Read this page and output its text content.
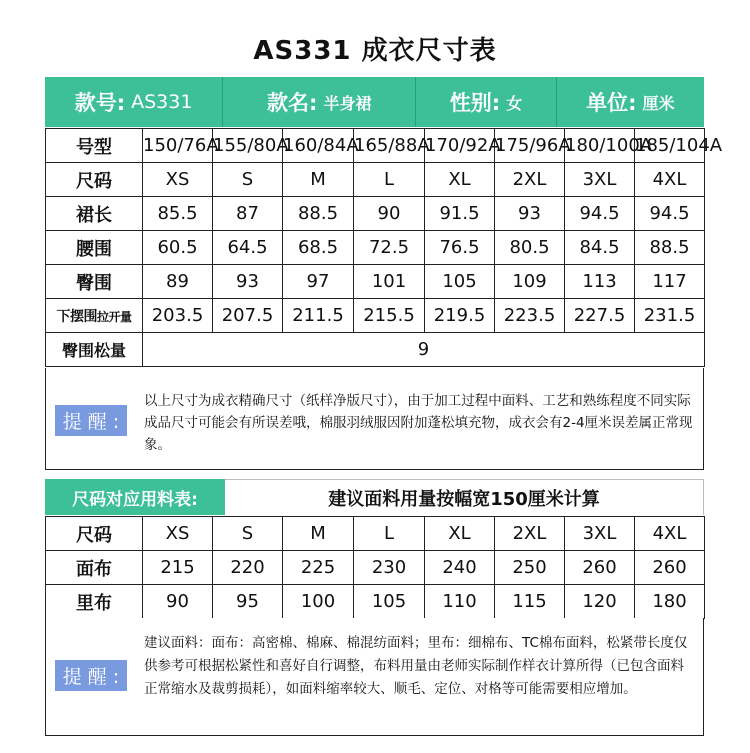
AS331 成衣尺寸表
款号: AS331	款名: 半身裙	性别: 女	单位: 厘米
号型	150/76A	155/80A	160/84A	165/88A	170/92A	175/96A	180/100A	185/104A
尺码	XS	S	M	L	XL	2XL	3XL	4XL
裙长	85.5	87	88.5	90	91.5	93	94.5	94.5
腰围	60.5	64.5	68.5	72.5	76.5	80.5	84.5	88.5
臀围	89	93	97	101	105	109	113	117
下摆围拉开量	203.5	207.5	211.5	215.5	219.5	223.5	227.5	231.5
臀围松量	9							
提 醒 :
以上尺寸为成衣精确尺寸（纸样净版尺寸），由于加工过程中面料、工艺和熟练程度不同实际成品尺寸可能会有所误差哦，棉服羽绒服因附加蓬松填充物，成衣会有2-4厘米误差属正常现象。
尺码对应用料表:	建议面料用量按幅宽150厘米计算
尺码	XS	S	M	L	XL	2XL	3XL	4XL
面布	215	220	225	230	240	250	260	260
里布	90	95	100	105	110	115	120	180
提 醒 :
建议面料：面布：高密棉、棉麻、棉混纺面料；里布：细棉布、TC棉布面料，松紧带长度仅供参考可根据松紧性和喜好自行调整，布料用量由老师实际制作样衣计算所得（已包含面料正常缩水及裁剪损耗），如面料缩率较大、顺毛、定位、对格等可能需要相应增加。
